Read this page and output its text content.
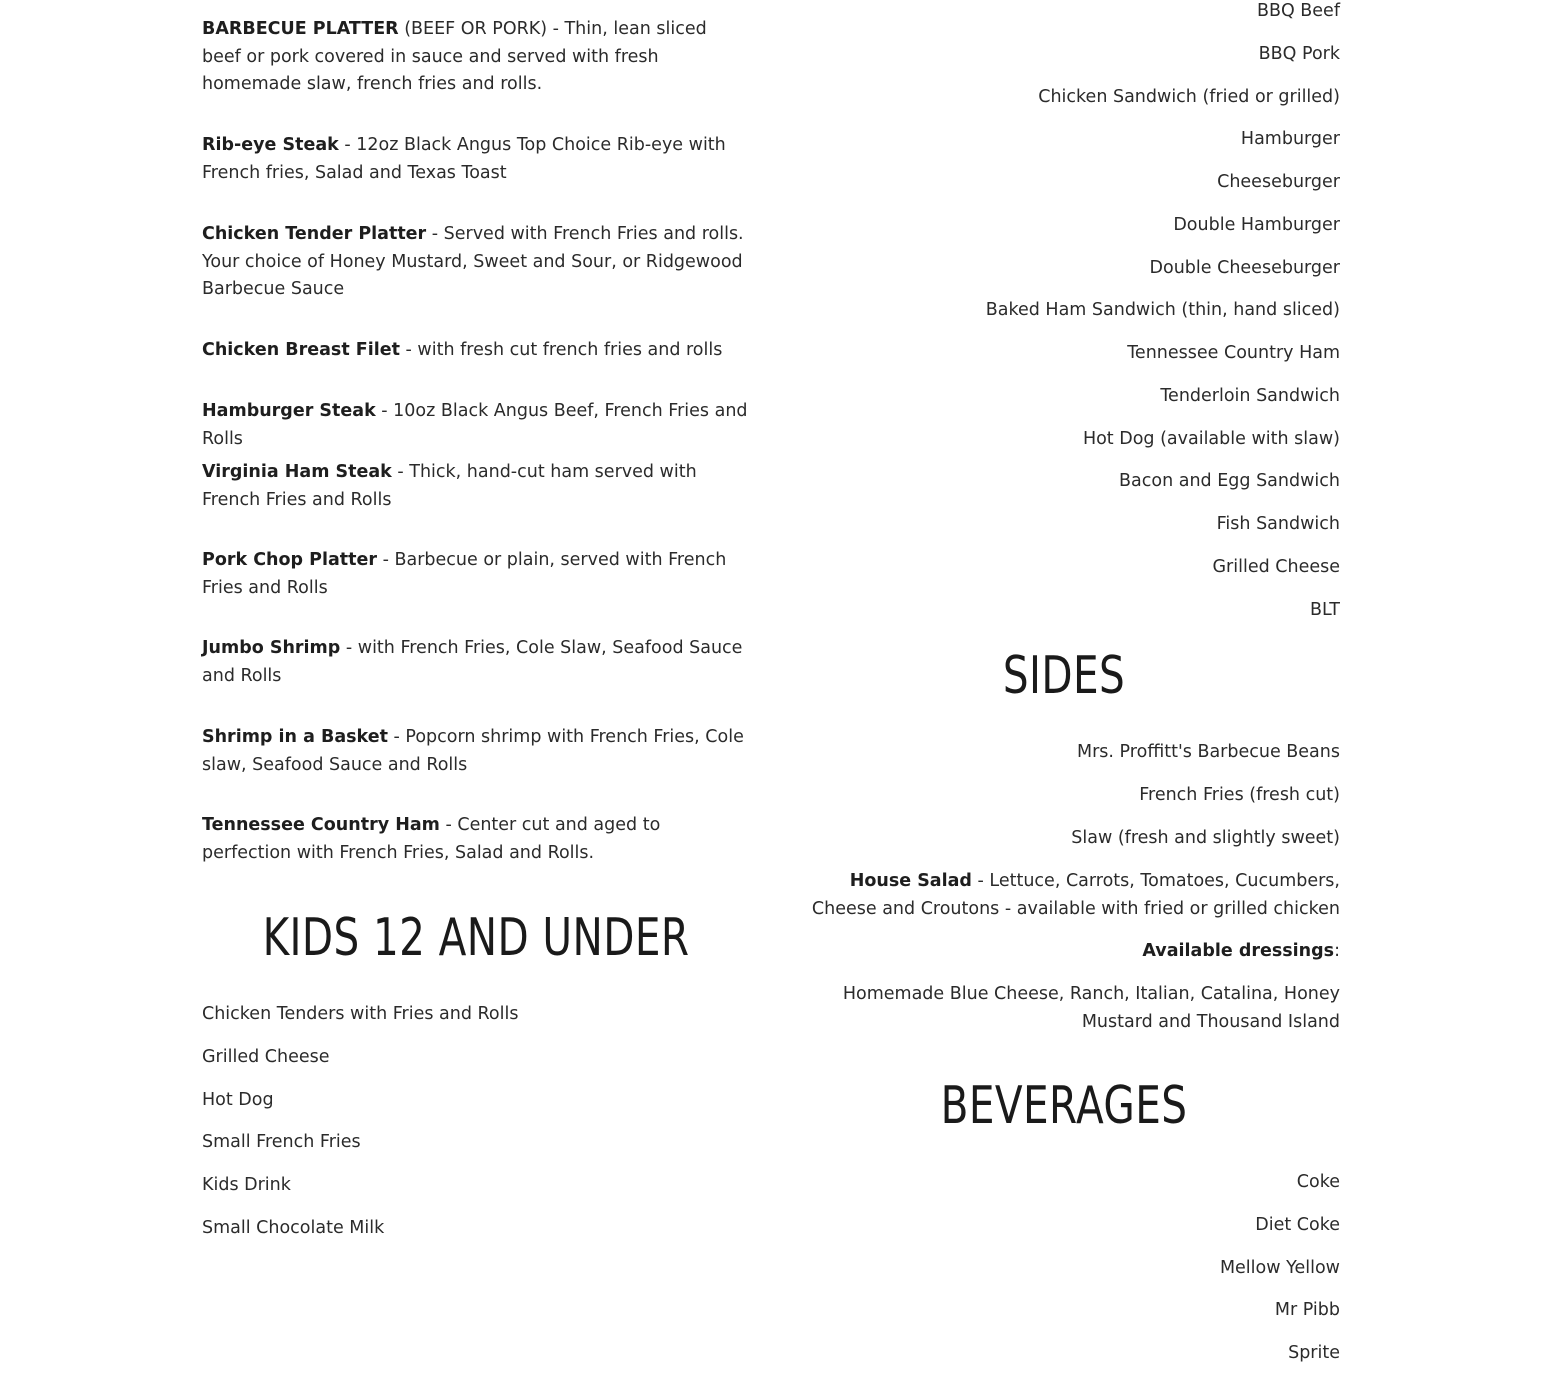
BARBECUE PLATTER (BEEF OR PORK) - Thin, lean sliced beef or pork covered in sauce and served with fresh homemade slaw, french fries and rolls.

Rib-eye Steak - 12oz Black Angus Top Choice Rib-eye with French fries, Salad and Texas Toast

Chicken Tender Platter - Served with French Fries and rolls. Your choice of Honey Mustard, Sweet and Sour, or Ridgewood Barbecue Sauce

Chicken Breast Filet - with fresh cut french fries and rolls

Hamburger Steak - 10oz Black Angus Beef, French Fries and Rolls

Virginia Ham Steak - Thick, hand-cut ham served with French Fries and Rolls

Pork Chop Platter - Barbecue or plain, served with French Fries and Rolls

Jumbo Shrimp - with French Fries, Cole Slaw, Seafood Sauce and Rolls

Shrimp in a Basket - Popcorn shrimp with French Fries, Cole slaw, Seafood Sauce and Rolls

Tennessee Country Ham - Center cut and aged to perfection with French Fries, Salad and Rolls.

KIDS 12 AND UNDER

Chicken Tenders with Fries and Rolls

Grilled Cheese

Hot Dog

Small French Fries

Kids Drink

Small Chocolate Milk

BBQ Beef

BBQ Pork

Chicken Sandwich (fried or grilled)

Hamburger

Cheeseburger

Double Hamburger

Double Cheeseburger

Baked Ham Sandwich (thin, hand sliced)

Tennessee Country Ham

Tenderloin Sandwich

Hot Dog (available with slaw)

Bacon and Egg Sandwich

Fish Sandwich

Grilled Cheese

BLT

SIDES

Mrs. Proffitt's Barbecue Beans

French Fries (fresh cut)

Slaw (fresh and slightly sweet)

House Salad - Lettuce, Carrots, Tomatoes, Cucumbers, Cheese and Croutons - available with fried or grilled chicken

Available dressings:

Homemade Blue Cheese, Ranch, Italian, Catalina, Honey Mustard and Thousand Island

BEVERAGES

Coke

Diet Coke

Mellow Yellow

Mr Pibb

Sprite
